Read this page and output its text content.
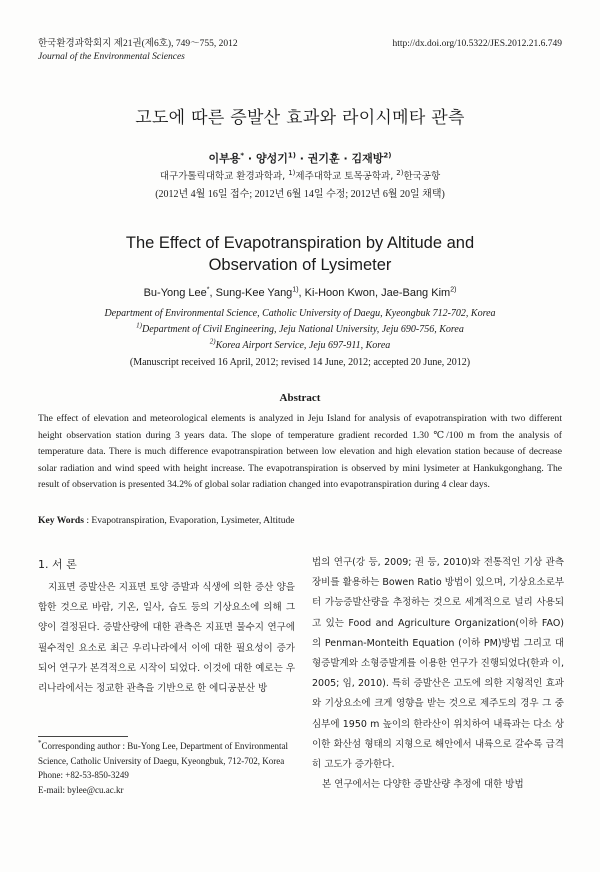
한국환경과학회지 제21권(제6호), 749～755, 2012
Journal of the Environmental Sciences
http://dx.doi.org/10.5322/JES.2012.21.6.749
고도에 따른 증발산 효과와 라이시메타 관측
이부용* · 양성기$^{1)}$ · 권기훈 · 김재방$^{2)}$
대구가톨릭대학교 환경과학과, $^{1)}$제주대학교 토목공학과, $^{2)}$한국공항
(2012년 4월 16일 접수; 2012년 6월 14일 수정; 2012년 6월 20일 채택)
The Effect of Evapotranspiration by Altitude and
Observation of Lysimeter
Bu-Yong Lee*, Sung-Kee Yang$^{1)}$, Ki-Hoon Kwon, Jae-Bang Kim$^{2)}$
Department of Environmental Science, Catholic University of Daegu, Kyeongbuk 712-702, Korea
$^{1)}$Department of Civil Engineering, Jeju National University, Jeju 690-756, Korea
$^{2)}$Korea Airport Service, Jeju 697-911, Korea
(Manuscript received 16 April, 2012; revised 14 June, 2012; accepted 20 June, 2012)
Abstract
The effect of elevation and meteorological elements is analyzed in Jeju Island for analysis of evapotranspiration with two different height observation station during 3 years data. The slope of temperature gradient recorded 1.30 ℃/100 m from the analysis of temperature data. There is much difference evapotranspiration between low elevation and high elevation station because of decrease solar radiation and wind speed with height increase. The evapotranspiration is observed by mini lysimeter at Hankukgonghang. The result of observation is presented 34.2% of global solar radiation changed into evapotranspiration during 4 clear days.
Key Words : Evapotranspiration, Evaporation, Lysimeter, Altitude
1. 서 론

지표면 증발산은 지표면 토양 증발과 식생에 의한 증산 양을 합한 것으로 바람, 기온, 일사, 습도 등의 기상요소에 의해 그 양이 결정된다. 증발산량에 대한 관측은 지표면 물수지 연구에 필수적인 요소로 최근 우리나라에서 이에 대한 필요성이 증가되어 연구가 본격적으로 시작이 되었다. 이것에 대한 예로는 우리나라에서는 정교한 관측을 기반으로 한 에디공분산 방

법의 연구(강 등, 2009; 권 등, 2010)와 전통적인 기상 관측 장비를 활용하는 Bowen Ratio 방법이 있으며, 기상요소로부터 가능증발산량을 추정하는 것으로 세계적으로 널리 사용되고 있는 Food and Agriculture Organization(이하 FAO)의 Penman-Monteith Equation (이하 PM)방법 그리고 대형증발계와 소형증발계를 이용한 연구가 진행되었다(한과 이, 2005; 임, 2010). 특히 증발산은 고도에 의한 지형적인 효과와 기상요소에 크게 영향을 받는 것으로 제주도의 경우 그 중심부에 1950 m 높이의 한라산이 위치하여 내륙과는 다소 상이한 화산섬 형태의 지형으로 해안에서 내륙으로 갈수록 급격히 고도가 증가한다.

본 연구에서는 다양한 증발산량 추정에 대한 방법

*Corresponding author : Bu-Yong Lee, Department of Environmental Science, Catholic University of Daegu, Kyeongbuk, 712-702, Korea

Phone: +82-53-850-3249

E-mail: bylee@cu.ac.kr
